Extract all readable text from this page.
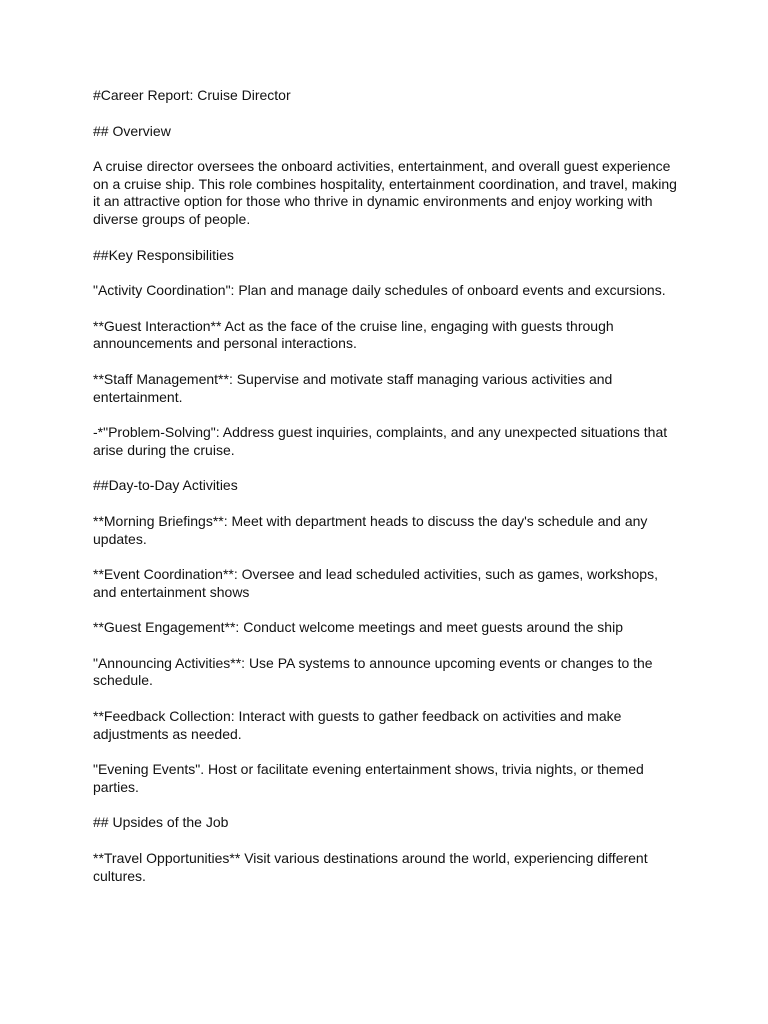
#Career Report: Cruise Director

## Overview

A cruise director oversees the onboard activities, entertainment, and overall guest experience on a cruise ship. This role combines hospitality, entertainment coordination, and travel, making it an attractive option for those who thrive in dynamic environments and enjoy working with diverse groups of people.

##Key Responsibilities

"Activity Coordination": Plan and manage daily schedules of onboard events and excursions.

**Guest Interaction** Act as the face of the cruise line, engaging with guests through announcements and personal interactions.

**Staff Management**: Supervise and motivate staff managing various activities and entertainment.

-*"Problem-Solving": Address guest inquiries, complaints, and any unexpected situations that arise during the cruise.

##Day-to-Day Activities

**Morning Briefings**: Meet with department heads to discuss the day's schedule and any updates.

**Event Coordination**: Oversee and lead scheduled activities, such as games, workshops, and entertainment shows

**Guest Engagement**: Conduct welcome meetings and meet guests around the ship

"Announcing Activities**: Use PA systems to announce upcoming events or changes to the schedule.

**Feedback Collection: Interact with guests to gather feedback on activities and make adjustments as needed.

"Evening Events". Host or facilitate evening entertainment shows, trivia nights, or themed parties.

## Upsides of the Job

**Travel Opportunities** Visit various destinations around the world, experiencing different cultures.
